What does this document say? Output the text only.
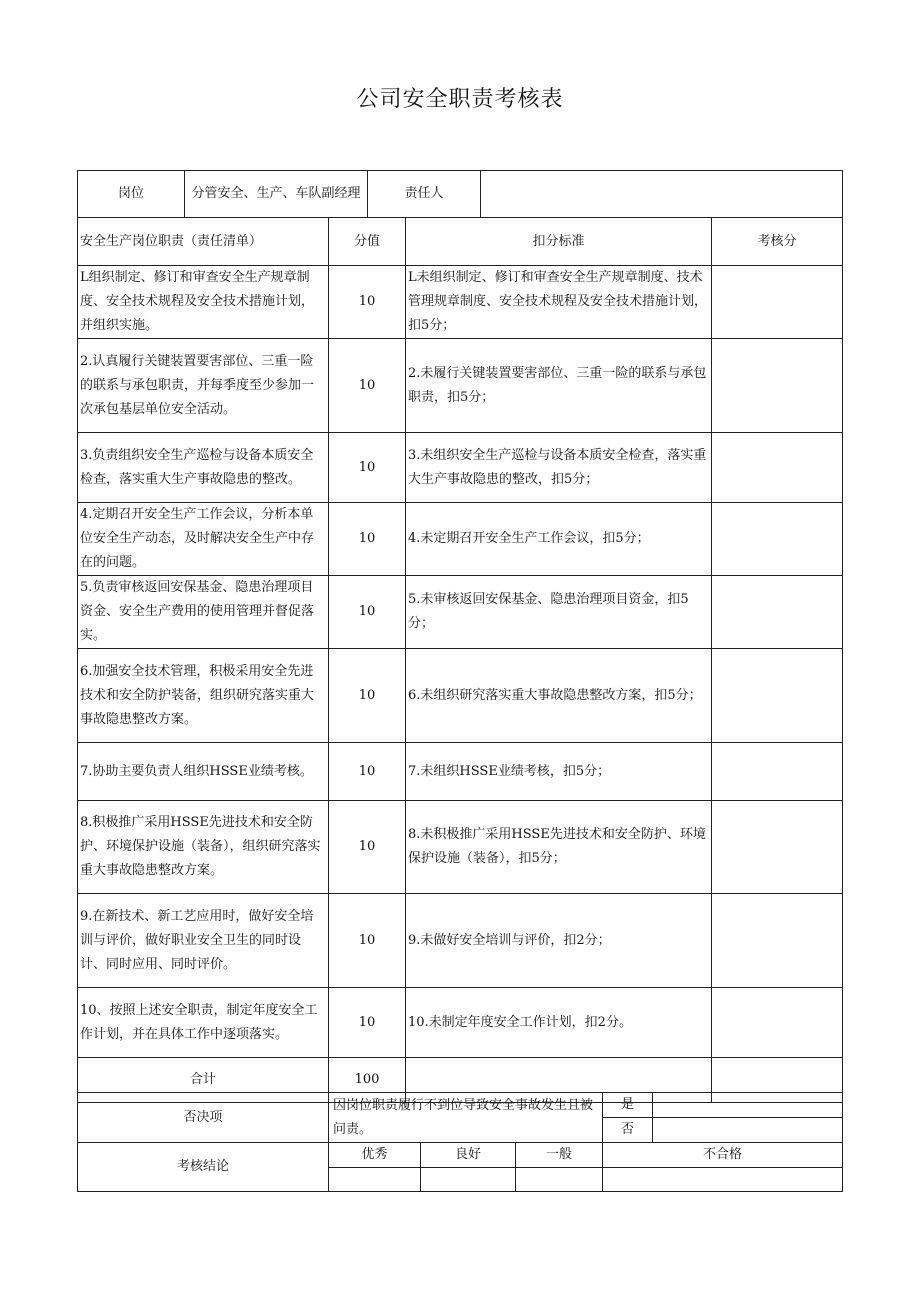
公司安全职责考核表
岗位	分管安全、生产、车队副经理	责任人	
安全生产岗位职责（责任清单）	分值	扣分标准	考核分
L组织制定、修订和审查安全生产规章制度、安全技术规程及安全技术措施计划，并组织实施。	10	L未组织制定、修订和审查安全生产规章制度、技术管理规章制度、安全技术规程及安全技术措施计划，扣5分；	
2.认真履行关键装置要害部位、三重一险的联系与承包职责，并每季度至少参加一次承包基层单位安全活动。	10	2.未履行关键装置要害部位、三重一险的联系与承包职责，扣5分；	
3.负责组织安全生产巡检与设备本质安全检查，落实重大生产事故隐患的整改。	10	3.未组织安全生产巡检与设备本质安全检查，落实重大生产事故隐患的整改，扣5分；	
4.定期召开安全生产工作会议，分析本单位安全生产动态，及时解决安全生产中存在的问题。	10	4.未定期召开安全生产工作会议，扣5分；	
5.负责审核返回安保基金、隐患治理项目资金、安全生产费用的使用管理并督促落实。	10	5.未审核返回安保基金、隐患治理项目资金，扣5分；	
6.加强安全技术管理，积极采用安全先进技术和安全防护装备，组织研究落实重大事故隐患整改方案。	10	6.未组织研究落实重大事故隐患整改方案，扣5分；	
7.协助主要负责人组织HSSE业绩考核。	10	7.未组织HSSE业绩考核，扣5分；	
8.积极推广采用HSSE先进技术和安全防护、环境保护设施（装备），组织研究落实重大事故隐患整改方案。	10	8.未积极推广采用HSSE先进技术和安全防护、环境保护设施（装备），扣5分；	
9.在新技术、新工艺应用时，做好安全培训与评价，做好职业安全卫生的同时设计、同时应用、同时评价。	10	9.未做好安全培训与评价，扣2分；	
10、按照上述安全职责，制定年度安全工作计划，并在具体工作中逐项落实。	10	10.未制定年度安全工作计划，扣2分。	
合计	100		
否决项	因岗位职责履行不到位导致安全事故发生且被问责。			是	
				否	
考核结论	优秀	良好	一般	不合格	
